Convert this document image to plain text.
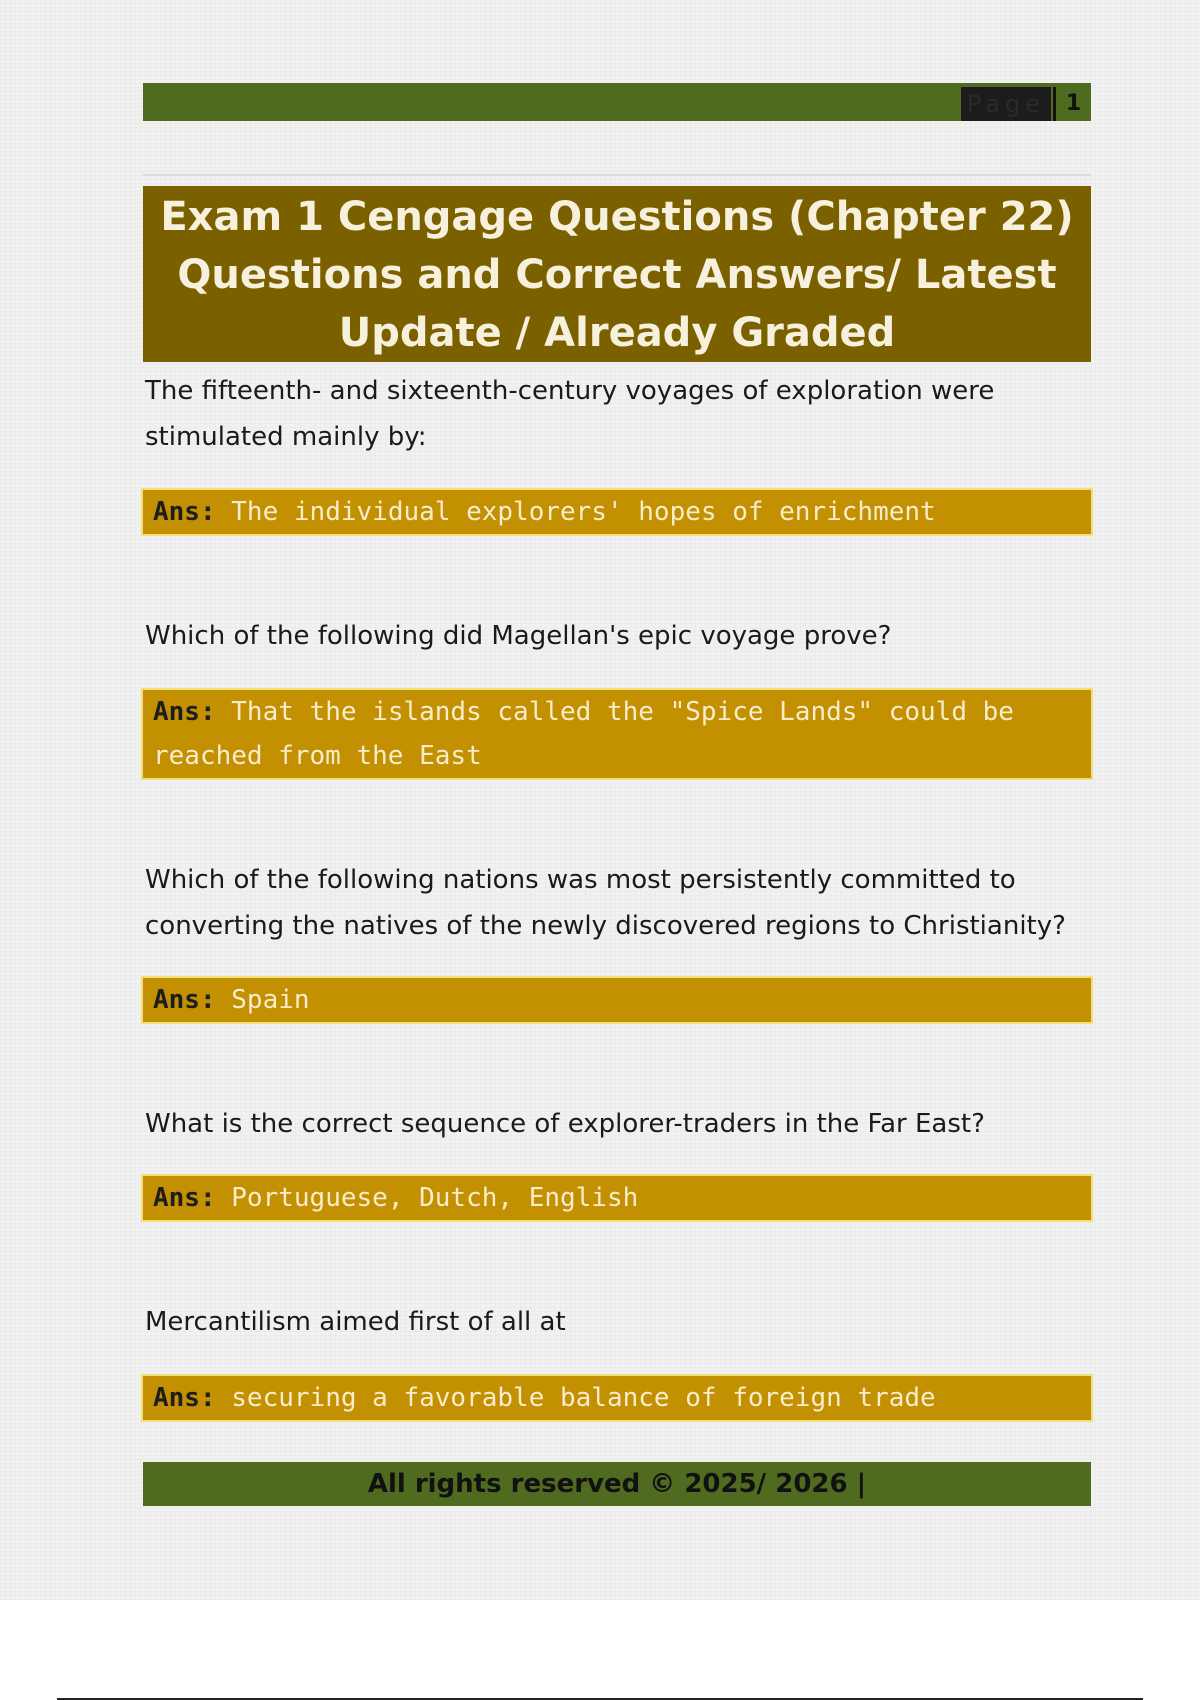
Page 1
Exam 1 Cengage Questions (Chapter 22) Questions and Correct Answers/ Latest Update / Already Graded
The fifteenth- and sixteenth-century voyages of exploration were stimulated mainly by:
Ans: The individual explorers' hopes of enrichment
Which of the following did Magellan's epic voyage prove?
Ans: That the islands called the "Spice Lands" could be reached from the East
Which of the following nations was most persistently committed to converting the natives of the newly discovered regions to Christianity?
Ans: Spain
What is the correct sequence of explorer-traders in the Far East?
Ans: Portuguese, Dutch, English
Mercantilism aimed first of all at
Ans: securing a favorable balance of foreign trade
All rights reserved © 2025/ 2026 |
